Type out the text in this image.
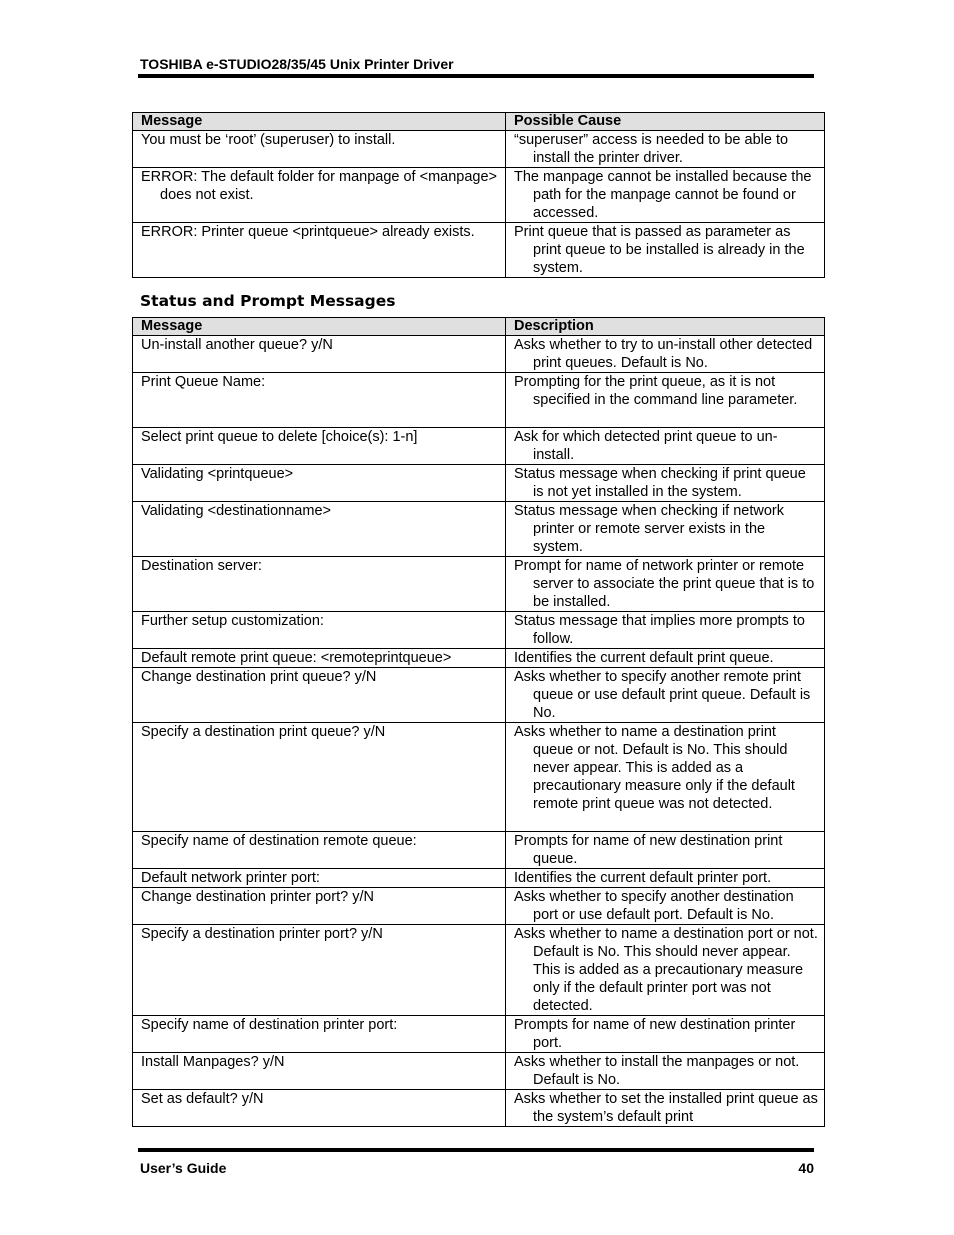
TOSHIBA e-STUDIO28/35/45 Unix Printer Driver
Message	Possible Cause

You must be ‘root’ (superuser) to install.	“superuser” access is needed to be able to install the printer driver.

ERROR: The default folder for manpage of <manpage> does not exist.	The manpage cannot be installed because the path for the manpage cannot be found or accessed.

ERROR: Printer queue <printqueue> already exists.	Print queue that is passed as parameter as print queue to be installed is already in the system.
Status and Prompt Messages
Message	Description

Un-install another queue? y/N	Asks whether to try to un-install other detected print queues. Default is No.

Print Queue Name:	Prompting for the print queue, as it is not specified in the command line parameter.

Select print queue to delete [choice(s): 1-n]	Ask for which detected print queue to un-install.

Validating <printqueue>	Status message when checking if print queue is not yet installed in the system.

Validating <destinationname>	Status message when checking if network printer or remote server exists in the system.

Destination server:	Prompt for name of network printer or remote server to associate the print queue that is to be installed.

Further setup customization:	Status message that implies more prompts to follow.

Default remote print queue: <remoteprintqueue>	Identifies the current default print queue.

Change destination print queue? y/N	Asks whether to specify another remote print queue or use default print queue. Default is No.

Specify a destination print queue? y/N	Asks whether to name a destination print queue or not. Default is No. This should never appear. This is added as a precautionary measure only if the default remote print queue was not detected.

Specify name of destination remote queue:	Prompts for name of new destination print queue.

Default network printer port:	Identifies the current default printer port.

Change destination printer port? y/N	Asks whether to specify another destination port or use default port. Default is No.

Specify a destination printer port? y/N	Asks whether to name a destination port or not. Default is No. This should never appear. This is added as a precautionary measure only if the default printer port was not detected.

Specify name of destination printer port:	Prompts for name of new destination printer port.

Install Manpages? y/N	Asks whether to install the manpages or not. Default is No.

Set as default? y/N	Asks whether to set the installed print queue as the system’s default print
User’s Guide	40
